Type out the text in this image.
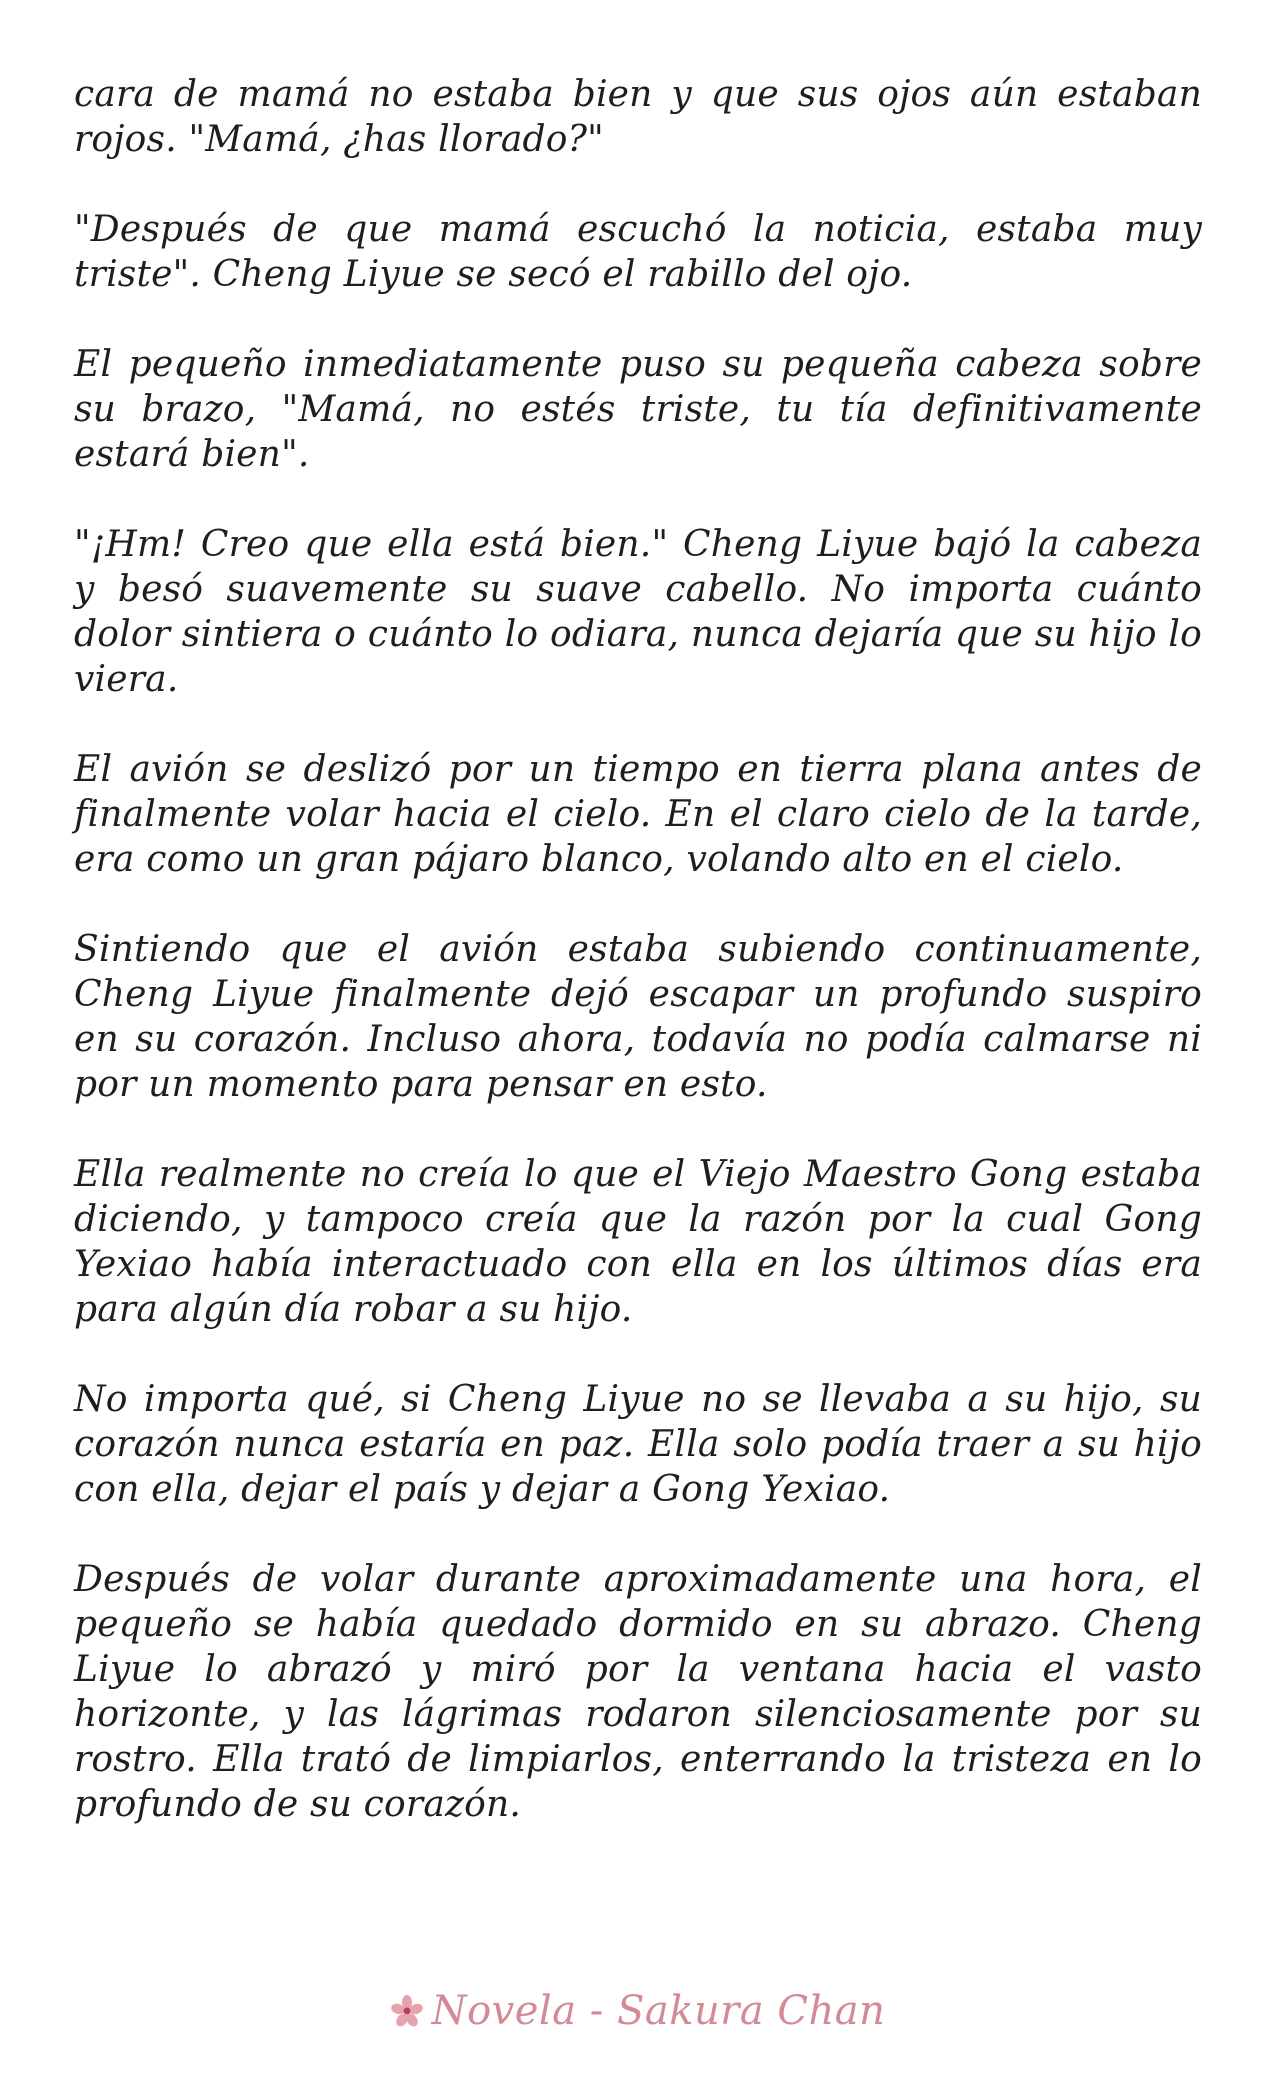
cara de mamá no estaba bien y que sus ojos aún estaban rojos. "Mamá, ¿has llorado?"

"Después de que mamá escuchó la noticia, estaba muy triste". Cheng Liyue se secó el rabillo del ojo.

El pequeño inmediatamente puso su pequeña cabeza sobre su brazo, "Mamá, no estés triste, tu tía definitivamente estará bien".

"¡Hm! Creo que ella está bien." Cheng Liyue bajó la cabeza y besó suavemente su suave cabello. No importa cuánto dolor sintiera o cuánto lo odiara, nunca dejaría que su hijo lo viera.

El avión se deslizó por un tiempo en tierra plana antes de finalmente volar hacia el cielo. En el claro cielo de la tarde, era como un gran pájaro blanco, volando alto en el cielo.

Sintiendo que el avión estaba subiendo continuamente, Cheng Liyue finalmente dejó escapar un profundo suspiro en su corazón. Incluso ahora, todavía no podía calmarse ni por un momento para pensar en esto.

Ella realmente no creía lo que el Viejo Maestro Gong estaba diciendo, y tampoco creía que la razón por la cual Gong Yexiao había interactuado con ella en los últimos días era para algún día robar a su hijo.

No importa qué, si Cheng Liyue no se llevaba a su hijo, su corazón nunca estaría en paz. Ella solo podía traer a su hijo con ella, dejar el país y dejar a Gong Yexiao.

Después de volar durante aproximadamente una hora, el pequeño se había quedado dormido en su abrazo. Cheng Liyue lo abrazó y miró por la ventana hacia el vasto horizonte, y las lágrimas rodaron silenciosamente por su rostro. Ella trató de limpiarlos, enterrando la tristeza en lo profundo de su corazón.

Novela - Sakura Chan
